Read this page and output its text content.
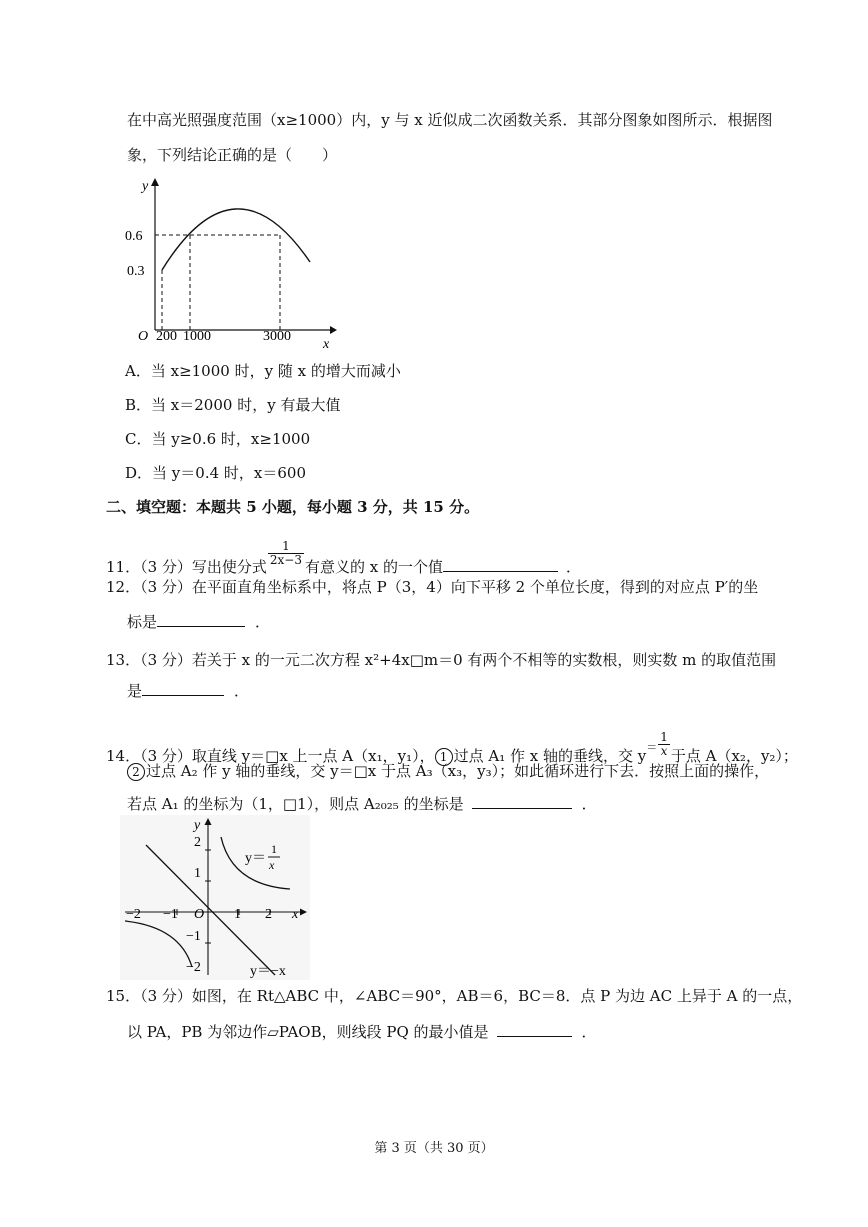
在中高光照强度范围（x≥1000）内，y 与 x 近似成二次函数关系．其部分图象如图所示．根据图
象，下列结论正确的是（　　）
y
x
O
0.6
0.3
200 1000	3000
A．当 x≥1000 时，y 随 x 的增大而减小
B．当 x＝2000 时，y 有最大值
C．当 y≥0.6 时，x≥1000
D．当 y＝0.4 时，x＝600
二、填空题：本题共 5 小题，每小题 3 分，共 15 分。
11．（3 分）写出使分式 $\frac{1}{2x-3}$ 有意义的 x 的一个值	．
12．（3 分）在平面直角坐标系中，将点 P（3，4）向下平移 2 个单位长度，得到的对应点 P′的坐
标是	．
13．（3 分）若关于 x 的一元二次方程 x²+4x□m＝0 有两个不相等的实数根，则实数 m 的取值范围
是	．
14．（3 分）取直线 y＝□x 上一点 A（x₁，y₁）， 1 过点 A₁ 作 x 轴的垂线，交 $y^= \frac{1}{x}$ 于点 A（x₂，y₂）；
2 过点 A₂ 作 y 轴的垂线，交 y＝□x 于点 A₃（x₃，y₃）；如此循环进行下去．按照上面的操作，
若点 A₁ 的坐标为（1，□1），则点 A₂₀₂₅ 的坐标是	．
y
x
O
−2 −1	1 2
2
1
−1
−2
y＝
1
x
y＝−x
15．（3 分）如图，在 Rt△ABC 中，∠ABC＝90°，AB＝6，BC＝8．点 P 为边 AC 上异于 A 的一点，
以 PA，PB 为邻边作▱PAOB，则线段 PQ 的最小值是	．
第 3 页（共 30 页）
